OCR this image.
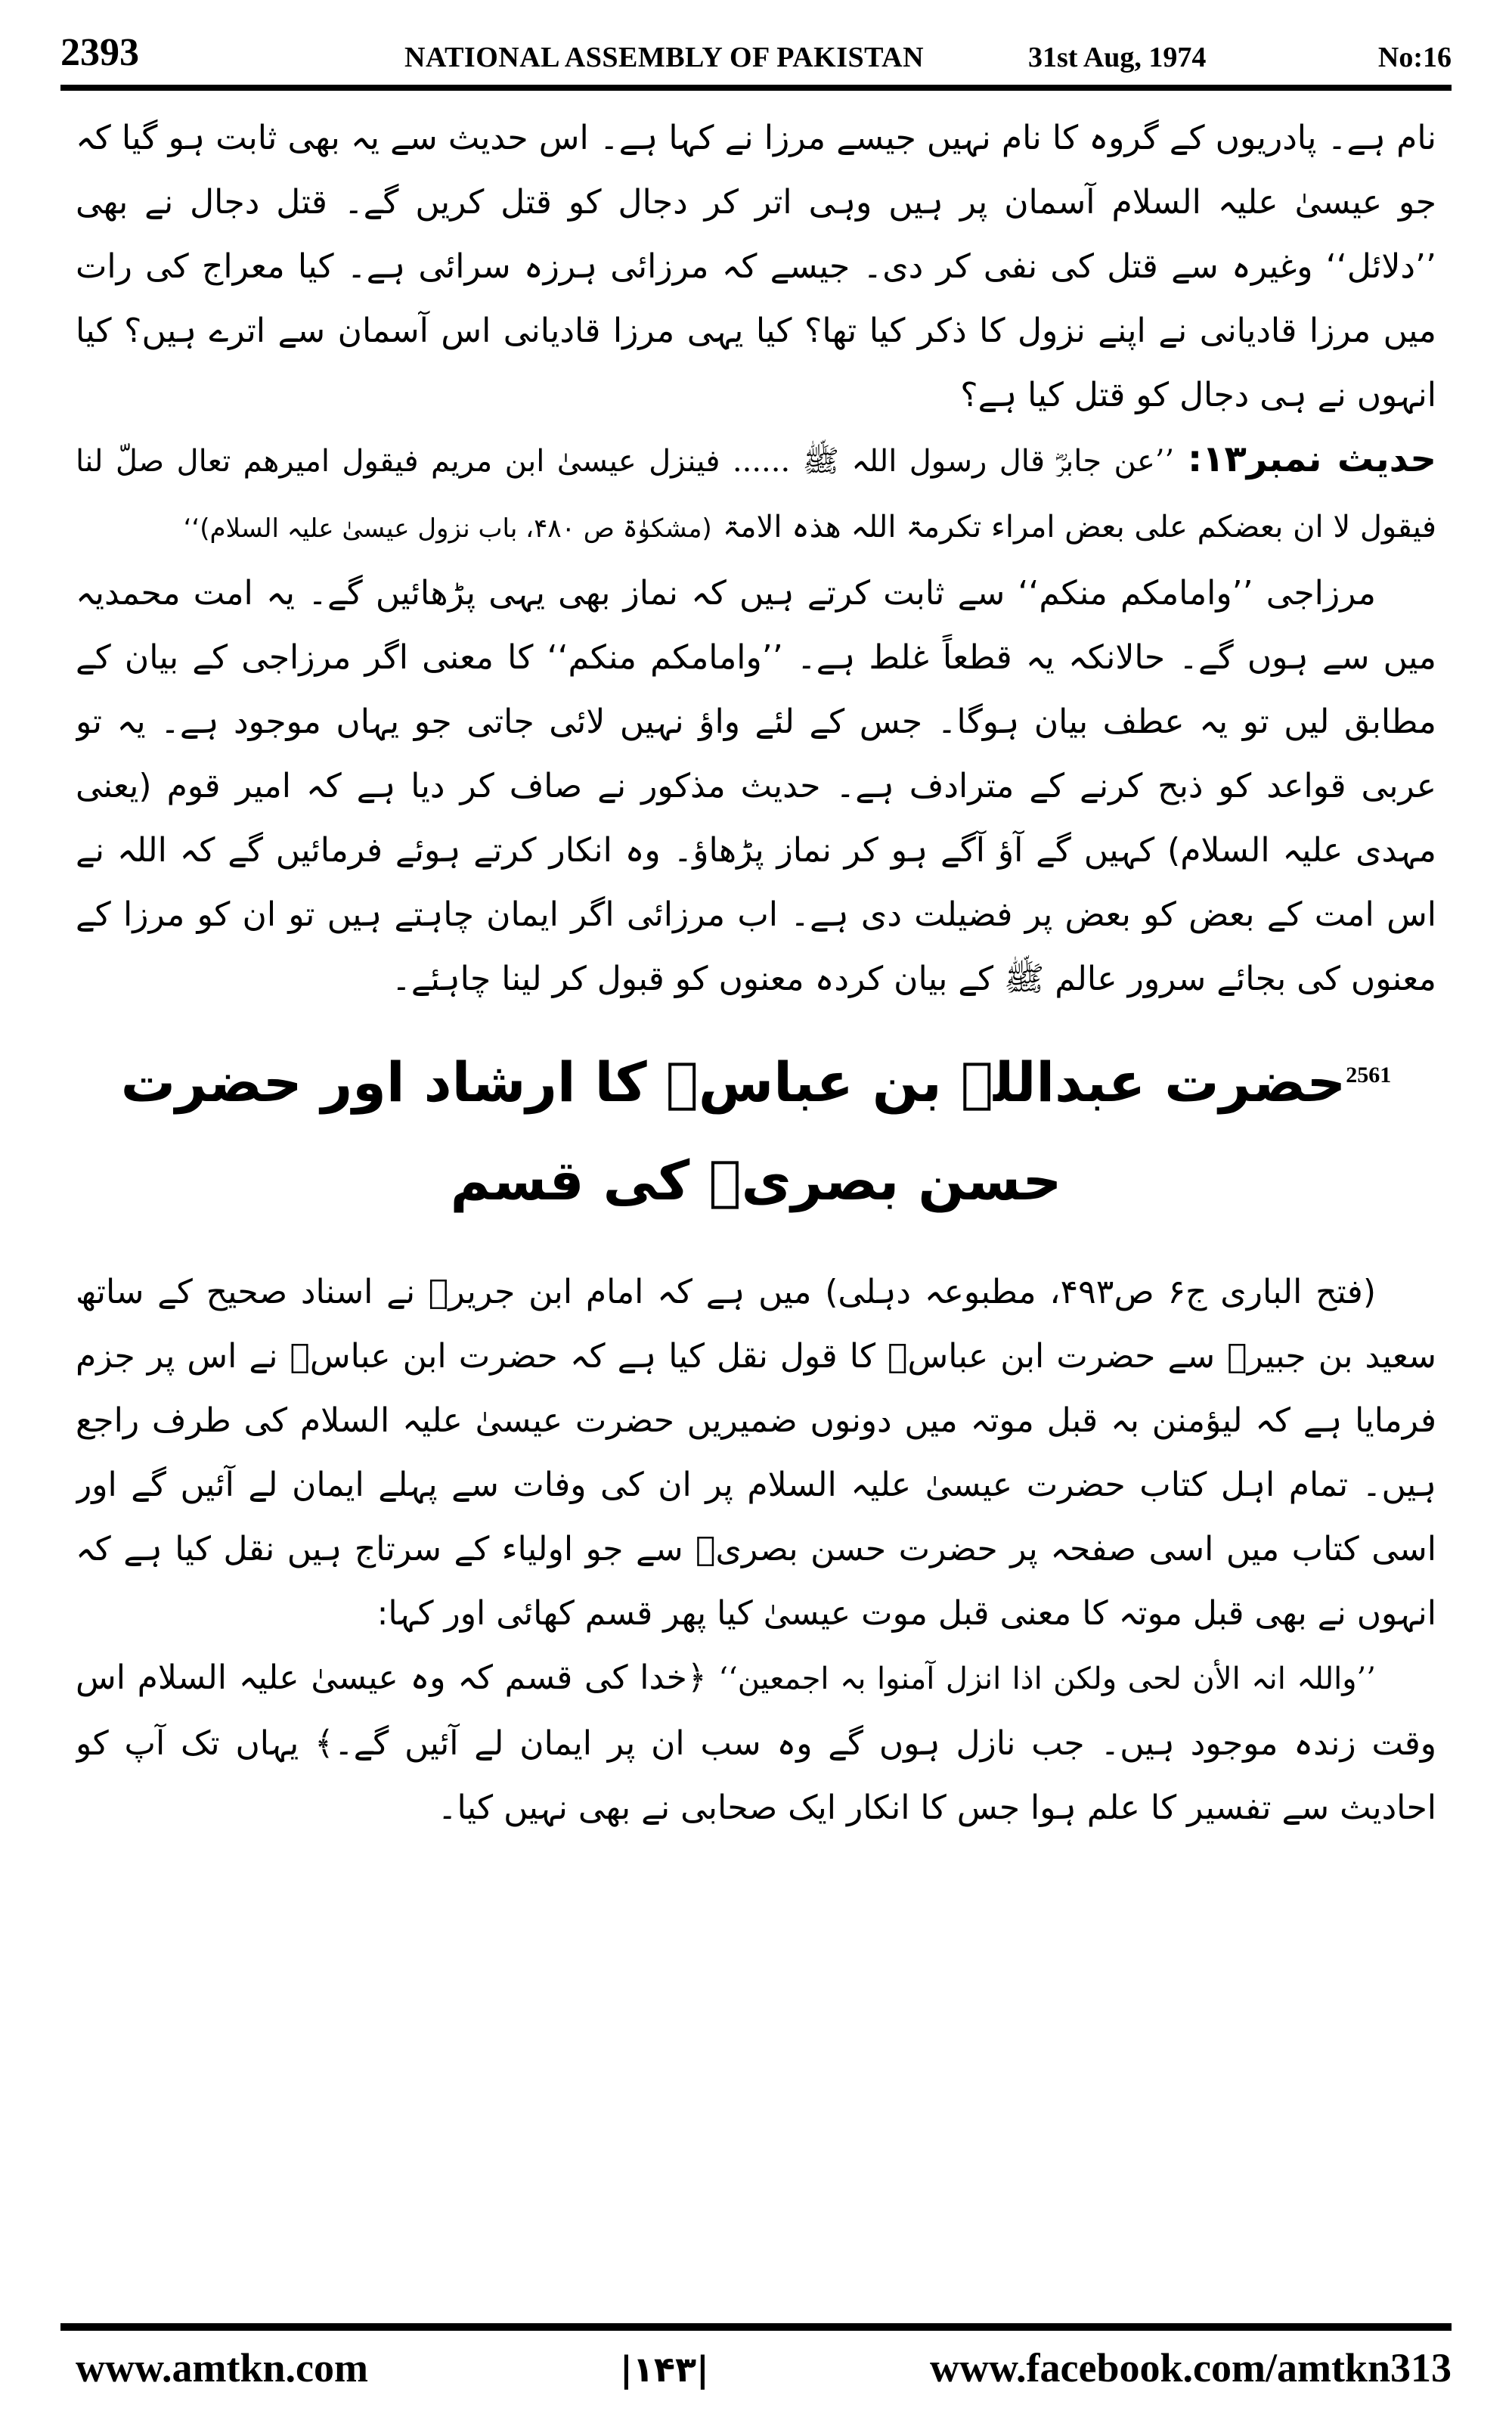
2393	NATIONAL ASSEMBLY OF PAKISTAN	31st Aug, 1974	No:16

نام ہے۔ پادریوں کے گروہ کا نام نہیں جیسے مرزا نے کہا ہے۔ اس حدیث سے یہ بھی ثابت ہو گیا کہ جو عیسیٰ علیہ السلام آسمان پر ہیں وہی اتر کر دجال کو قتل کریں گے۔ قتل دجال نے بھی ’’دلائل‘‘ وغیرہ سے قتل کی نفی کر دی۔ جیسے کہ مرزائی ہرزہ سرائی ہے۔ کیا معراج کی رات میں مرزا قادیانی نے اپنے نزول کا ذکر کیا تھا؟ کیا یہی مرزا قادیانی اس آسمان سے اترے ہیں؟ کیا انہوں نے ہی دجال کو قتل کیا ہے؟

حدیث نمبر۱۳: ’’عن جابرؓ قال رسول اللہ ﷺ ...... فینزل عیسیٰ ابن مریم فیقول امیرھم تعال صلّ لنا فیقول لا ان بعضکم علی بعض امراء تکرمۃ اللہ ھذہ الامۃ (مشکوٰۃ ص ۴۸۰، باب نزول عیسیٰ علیہ السلام)‘‘

مرزاجی ’’وامامکم منکم‘‘ سے ثابت کرتے ہیں کہ نماز بھی یہی پڑھائیں گے۔ یہ امت محمدیہ میں سے ہوں گے۔ حالانکہ یہ قطعاً غلط ہے۔ ’’وامامکم منکم‘‘ کا معنی اگر مرزاجی کے بیان کے مطابق لیں تو یہ عطف بیان ہوگا۔ جس کے لئے واؤ نہیں لائی جاتی جو یہاں موجود ہے۔ یہ تو عربی قواعد کو ذبح کرنے کے مترادف ہے۔ حدیث مذکور نے صاف کر دیا ہے کہ امیر قوم (یعنی مہدی علیہ السلام) کہیں گے آؤ آگے ہو کر نماز پڑھاؤ۔ وہ انکار کرتے ہوئے فرمائیں گے کہ اللہ نے اس امت کے بعض کو بعض پر فضیلت دی ہے۔ اب مرزائی اگر ایمان چاہتے ہیں تو ان کو مرزا کے معنوں کی بجائے سرور عالم ﷺ کے بیان کردہ معنوں کو قبول کر لینا چاہئے۔

$^{2561}$حضرت عبداللہ بن عباسؓ کا ارشاد اور حضرت حسن بصریؒ کی قسم

(فتح الباری ج۶ ص۴۹۳، مطبوعہ دہلی) میں ہے کہ امام ابن جریرؒ نے اسناد صحیح کے ساتھ سعید بن جبیرؒ سے حضرت ابن عباسؓ کا قول نقل کیا ہے کہ حضرت ابن عباسؓ نے اس پر جزم فرمایا ہے کہ لیؤمنن بہ قبل موتہ میں دونوں ضمیریں حضرت عیسیٰ علیہ السلام کی طرف راجع ہیں۔ تمام اہل کتاب حضرت عیسیٰ علیہ السلام پر ان کی وفات سے پہلے ایمان لے آئیں گے اور اسی کتاب میں اسی صفحہ پر حضرت حسن بصریؒ سے جو اولیاء کے سرتاج ہیں نقل کیا ہے کہ انہوں نے بھی قبل موتہ کا معنی قبل موت عیسیٰ کیا پھر قسم کھائی اور کہا:

’’واللہ انہ الأن لحی ولکن اذا انزل آمنوا بہ اجمعین‘‘ ﴿خدا کی قسم کہ وہ عیسیٰ علیہ السلام اس وقت زندہ موجود ہیں۔ جب نازل ہوں گے وہ سب ان پر ایمان لے آئیں گے۔﴾ یہاں تک آپ کو احادیث سے تفسیر کا علم ہوا جس کا انکار ایک صحابی نے بھی نہیں کیا۔

www.amtkn.com	|۱۴۳|	www.facebook.com/amtkn313
